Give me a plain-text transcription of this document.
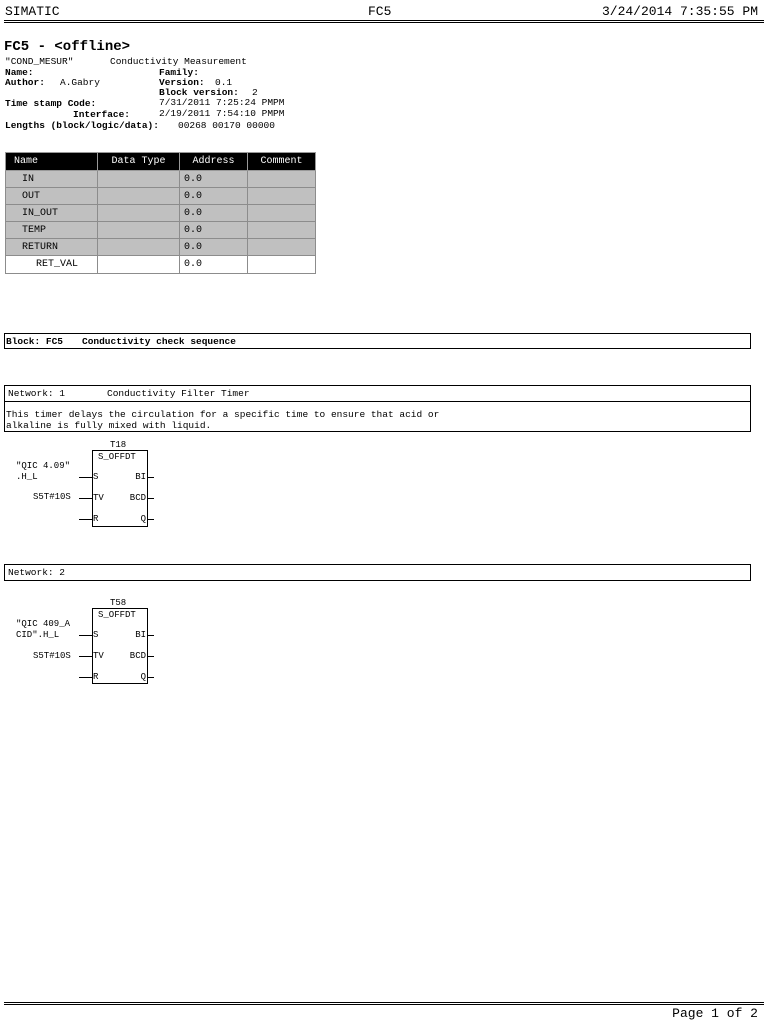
SIMATIC	FC5	3/24/2014 7:35:55 PM
FC5 - <offline>
"COND_MESUR"	Conductivity Measurement
Name:	Family:
Author: A.Gabry	Version: 0.1
Block version: 2
Time stamp Code:	7/31/2011 7:25:24 PMPM
Interface:	2/19/2011 7:54:10 PMPM
Lengths (block/logic/data): 00268 00170 00000
Name	Data Type	Address	Comment
IN		0.0	
OUT		0.0	
IN_OUT		0.0	
TEMP		0.0	
RETURN		0.0	
RET_VAL		0.0	
Block: FC5 Conductivity check sequence
Network: 1	Conductivity Filter Timer
This timer delays the circulation for a specific time to ensure that acid or
alkaline is fully mixed with liquid.
T18
S_OFFDT
S
TV
R
BI
BCD
Q
"QIC 4.09"
.H_L
S5T#10S
Network: 2
T58
S_OFFDT
S
TV
R
BI
BCD
Q
"QIC 409_A
CID".H_L
S5T#10S
Page 1 of 2
